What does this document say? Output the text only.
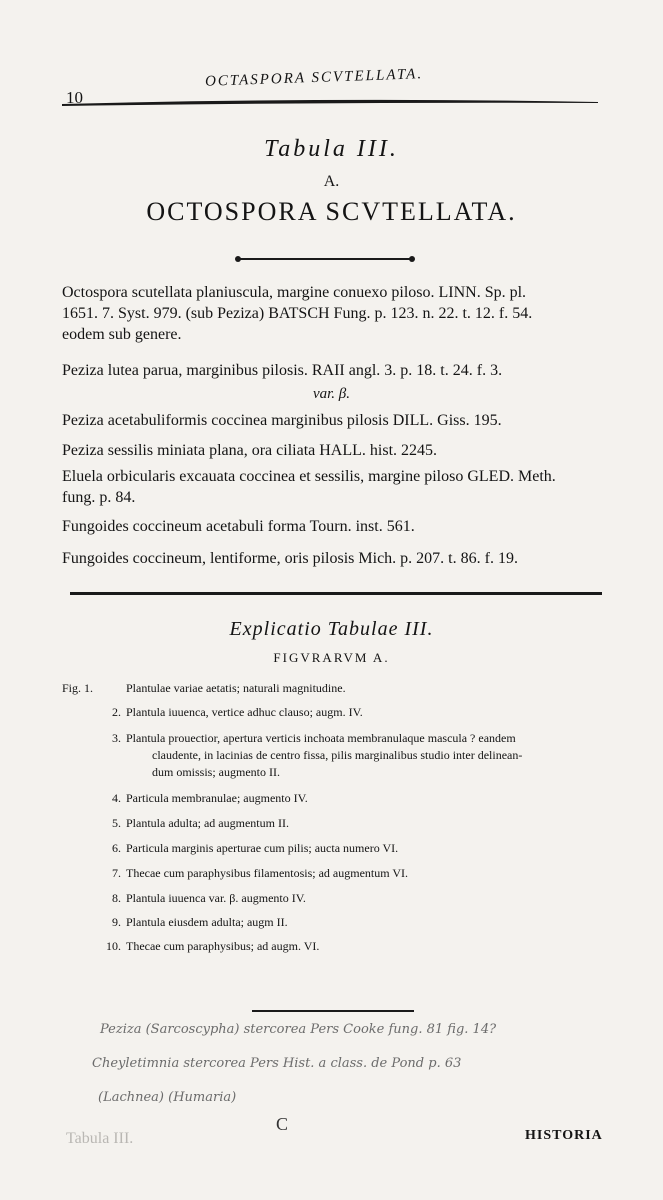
Tabula III.
10
OCTASPORA SCVTELLATA.
Tabula III.
A.
OCTOSPORA SCVTELLATA.
Octospora scutellata planiuscula, margine conuexo piloso. LINN. Sp. pl.
1651. 7. Syst. 979. (sub Peziza) BATSCH Fung. p. 123. n. 22. t. 12. f. 54.
eodem sub genere.
Peziza lutea parua, marginibus pilosis. RAII angl. 3. p. 18. t. 24. f. 3.
var. β.
Peziza acetabuliformis coccinea marginibus pilosis DILL. Giss. 195.
Peziza sessilis miniata plana, ora ciliata HALL. hist. 2245.
Eluela orbicularis excauata coccinea et sessilis, margine piloso GLED. Meth.
fung. p. 84.
Fungoides coccineum acetabuli forma Tourn. inst. 561.
Fungoides coccineum, lentiforme, oris pilosis Mich. p. 207. t. 86. f. 19.
Explicatio Tabulae III.
FIGVRARVM A.
Fig. 1.	Plantulae variae aetatis; naturali magnitudine.
2. Plantula iuuenca, vertice adhuc clauso; augm. IV.
3. Plantula prouectior, apertura verticis inchoata membranulaque mascula ? eandem
claudente, in lacinias de centro fissa, pilis marginalibus studio inter delinean-
dum omissis; augmento II.
4. Particula membranulae; augmento IV.
5. Plantula adulta; ad augmentum II.
6. Particula marginis aperturae cum pilis; aucta numero VI.
7. Thecae cum paraphysibus filamentosis; ad augmentum VI.
8. Plantula iuuenca var. β. augmento IV.
9. Plantula eiusdem adulta; augm II.
10. Thecae cum paraphysibus; ad augm. VI.
Peziza (Sarcoscypha) stercorea Pers Cooke fung. 81 fig. 14?
Cheyletimnia stercorea Pers Hist. a class. de Pond p. 63
(Lachnea) (Humaria)
C
HISTORIA
